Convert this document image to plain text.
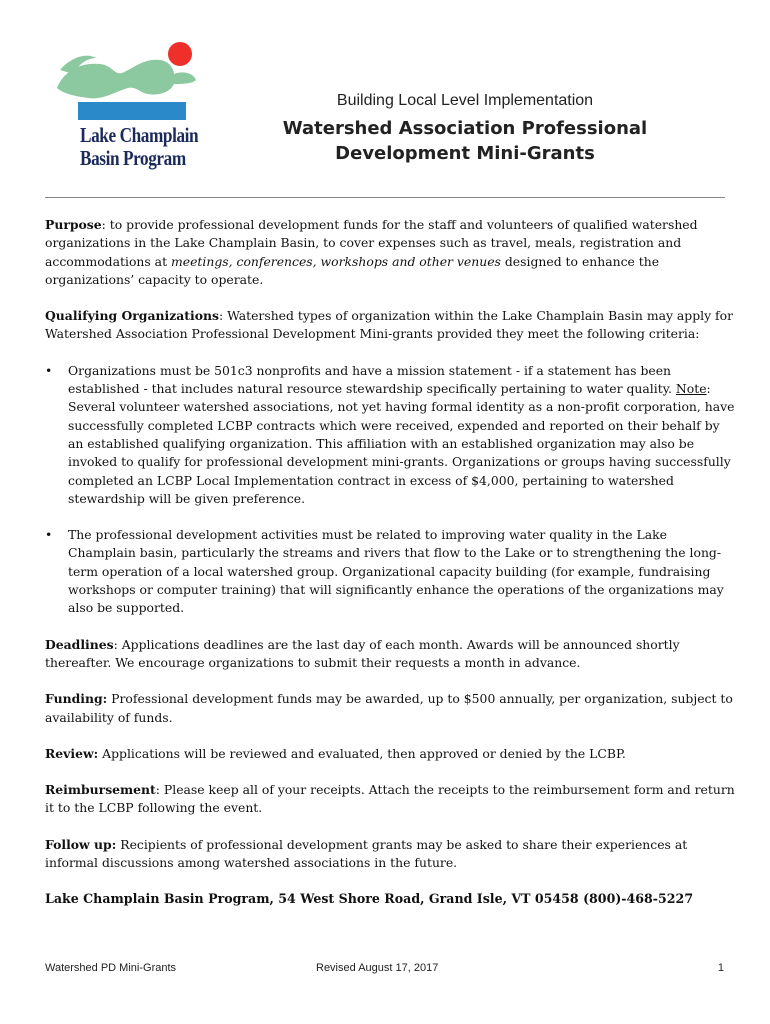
Lake Champlain
Basin Program
Building Local Level Implementation
Watershed Association Professional
Development Mini-Grants

Purpose: to provide professional development funds for the staff and volunteers of qualified watershed organizations in the Lake Champlain Basin, to cover expenses such as travel, meals, registration and accommodations at meetings, conferences, workshops and other venues designed to enhance the organizations’ capacity to operate.

Qualifying Organizations: Watershed types of organization within the Lake Champlain Basin may apply for Watershed Association Professional Development Mini-grants provided they meet the following criteria:

• Organizations must be 501c3 nonprofits and have a mission statement - if a statement has been established - that includes natural resource stewardship specifically pertaining to water quality. Note: Several volunteer watershed associations, not yet having formal identity as a non-profit corporation, have successfully completed LCBP contracts which were received, expended and reported on their behalf by an established qualifying organization. This affiliation with an established organization may also be invoked to qualify for professional development mini-grants. Organizations or groups having successfully completed an LCBP Local Implementation contract in excess of $4,000, pertaining to watershed stewardship will be given preference.
• The professional development activities must be related to improving water quality in the Lake Champlain basin, particularly the streams and rivers that flow to the Lake or to strengthening the long-term operation of a local watershed group. Organizational capacity building (for example, fundraising workshops or computer training) that will significantly enhance the operations of the organizations may also be supported.

Deadlines: Applications deadlines are the last day of each month. Awards will be announced shortly thereafter. We encourage organizations to submit their requests a month in advance.

Funding: Professional development funds may be awarded, up to $500 annually, per organization, subject to availability of funds.

Review: Applications will be reviewed and evaluated, then approved or denied by the LCBP.

Reimbursement: Please keep all of your receipts. Attach the receipts to the reimbursement form and return it to the LCBP following the event.

Follow up: Recipients of professional development grants may be asked to share their experiences at informal discussions among watershed associations in the future.

Lake Champlain Basin Program, 54 West Shore Road, Grand Isle, VT 05458 (800)-468-5227

Watershed PD Mini-Grants	Revised August 17, 2017	1
